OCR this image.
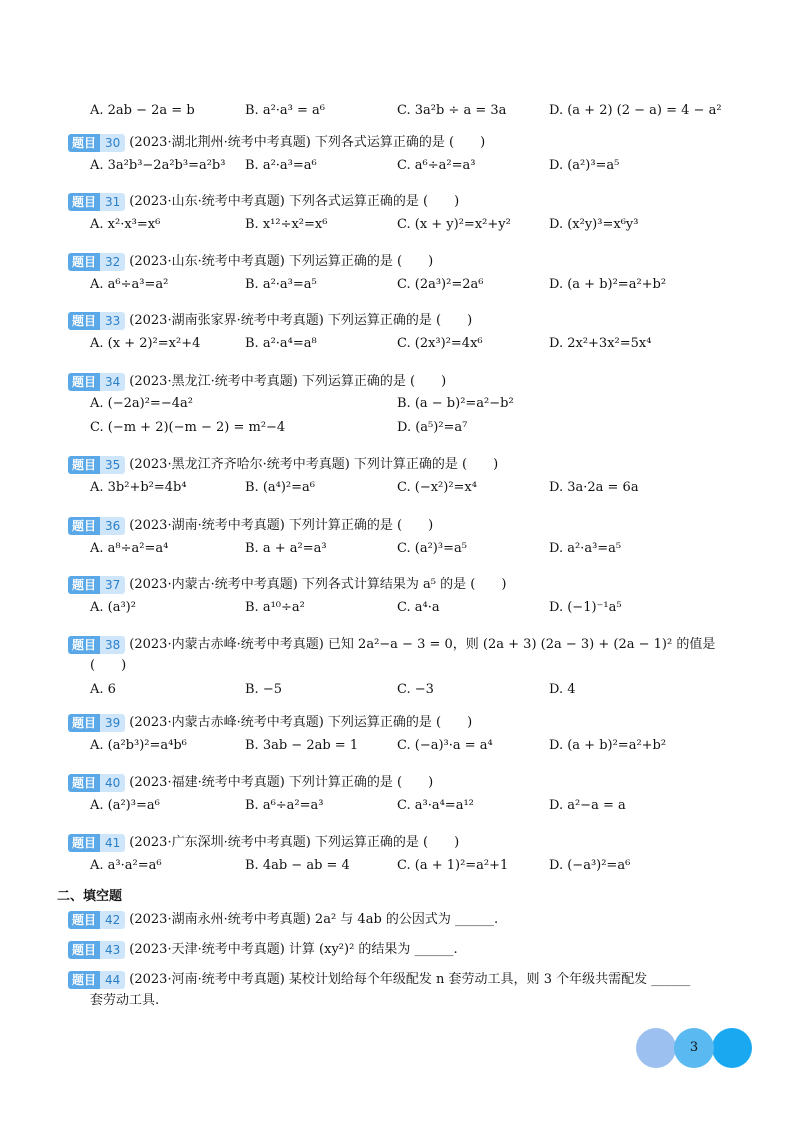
A. 2ab − 2a = b	B. a²·a³ = a⁶	C. 3a²b ÷ a = 3a	D. (a + 2) (2 − a) = 4 − a²
题目 30 (2023·湖北荆州·统考中考真题) 下列各式运算正确的是 (　　)
A. 3a²b³−2a²b³=a²b³	B. a²·a³=a⁶	C. a⁶÷a²=a³	D. (a²)³=a⁵
题目 31 (2023·山东·统考中考真题) 下列各式运算正确的是 (　　)
A. x²·x³=x⁶	B. x¹²÷x²=x⁶	C. (x + y)²=x²+y²	D. (x²y)³=x⁶y³
题目 32 (2023·山东·统考中考真题) 下列运算正确的是 (　　)
A. a⁶÷a³=a²	B. a²·a³=a⁵	C. (2a³)²=2a⁶	D. (a + b)²=a²+b²
题目 33 (2023·湖南张家界·统考中考真题) 下列运算正确的是 (　　)
A. (x + 2)²=x²+4	B. a²·a⁴=a⁸	C. (2x³)²=4x⁶	D. 2x²+3x²=5x⁴
题目 34 (2023·黑龙江·统考中考真题) 下列运算正确的是 (　　)
A. (−2a)²=−4a²	B. (a − b)²=a²−b²
C. (−m + 2)(−m − 2) = m²−4	D. (a⁵)²=a⁷
题目 35 (2023·黑龙江齐齐哈尔·统考中考真题) 下列计算正确的是 (　　)
A. 3b²+b²=4b⁴	B. (a⁴)²=a⁶	C. (−x²)²=x⁴	D. 3a·2a = 6a
题目 36 (2023·湖南·统考中考真题) 下列计算正确的是 (　　)
A. a⁸÷a²=a⁴	B. a + a²=a³	C. (a²)³=a⁵	D. a²·a³=a⁵
题目 37 (2023·内蒙古·统考中考真题) 下列各式计算结果为 a⁵ 的是 (　　)
A. (a³)²	B. a¹⁰÷a²	C. a⁴·a	D. (−1)⁻¹a⁵
题目 38 (2023·内蒙古赤峰·统考中考真题) 已知 2a²−a − 3 = 0，则 (2a + 3) (2a − 3) + (2a − 1)² 的值是
(　　)
A. 6	B. −5	C. −3	D. 4
题目 39 (2023·内蒙古赤峰·统考中考真题) 下列运算正确的是 (　　)
A. (a²b³)²=a⁴b⁶	B. 3ab − 2ab = 1	C. (−a)³·a = a⁴	D. (a + b)²=a²+b²
题目 40 (2023·福建·统考中考真题) 下列计算正确的是 (　　)
A. (a²)³=a⁶	B. a⁶÷a²=a³	C. a³·a⁴=a¹²	D. a²−a = a
题目 41 (2023·广东深圳·统考中考真题) 下列运算正确的是 (　　)
A. a³·a²=a⁶	B. 4ab − ab = 4	C. (a + 1)²=a²+1	D. (−a³)²=a⁶
二、填空题
题目 42 (2023·湖南永州·统考中考真题) 2a² 与 4ab 的公因式为 ______.
题目 43 (2023·天津·统考中考真题) 计算 (xy²)² 的结果为 ______.
题目 44 (2023·河南·统考中考真题) 某校计划给每个年级配发 n 套劳动工具，则 3 个年级共需配发 ______
套劳动工具.
3
